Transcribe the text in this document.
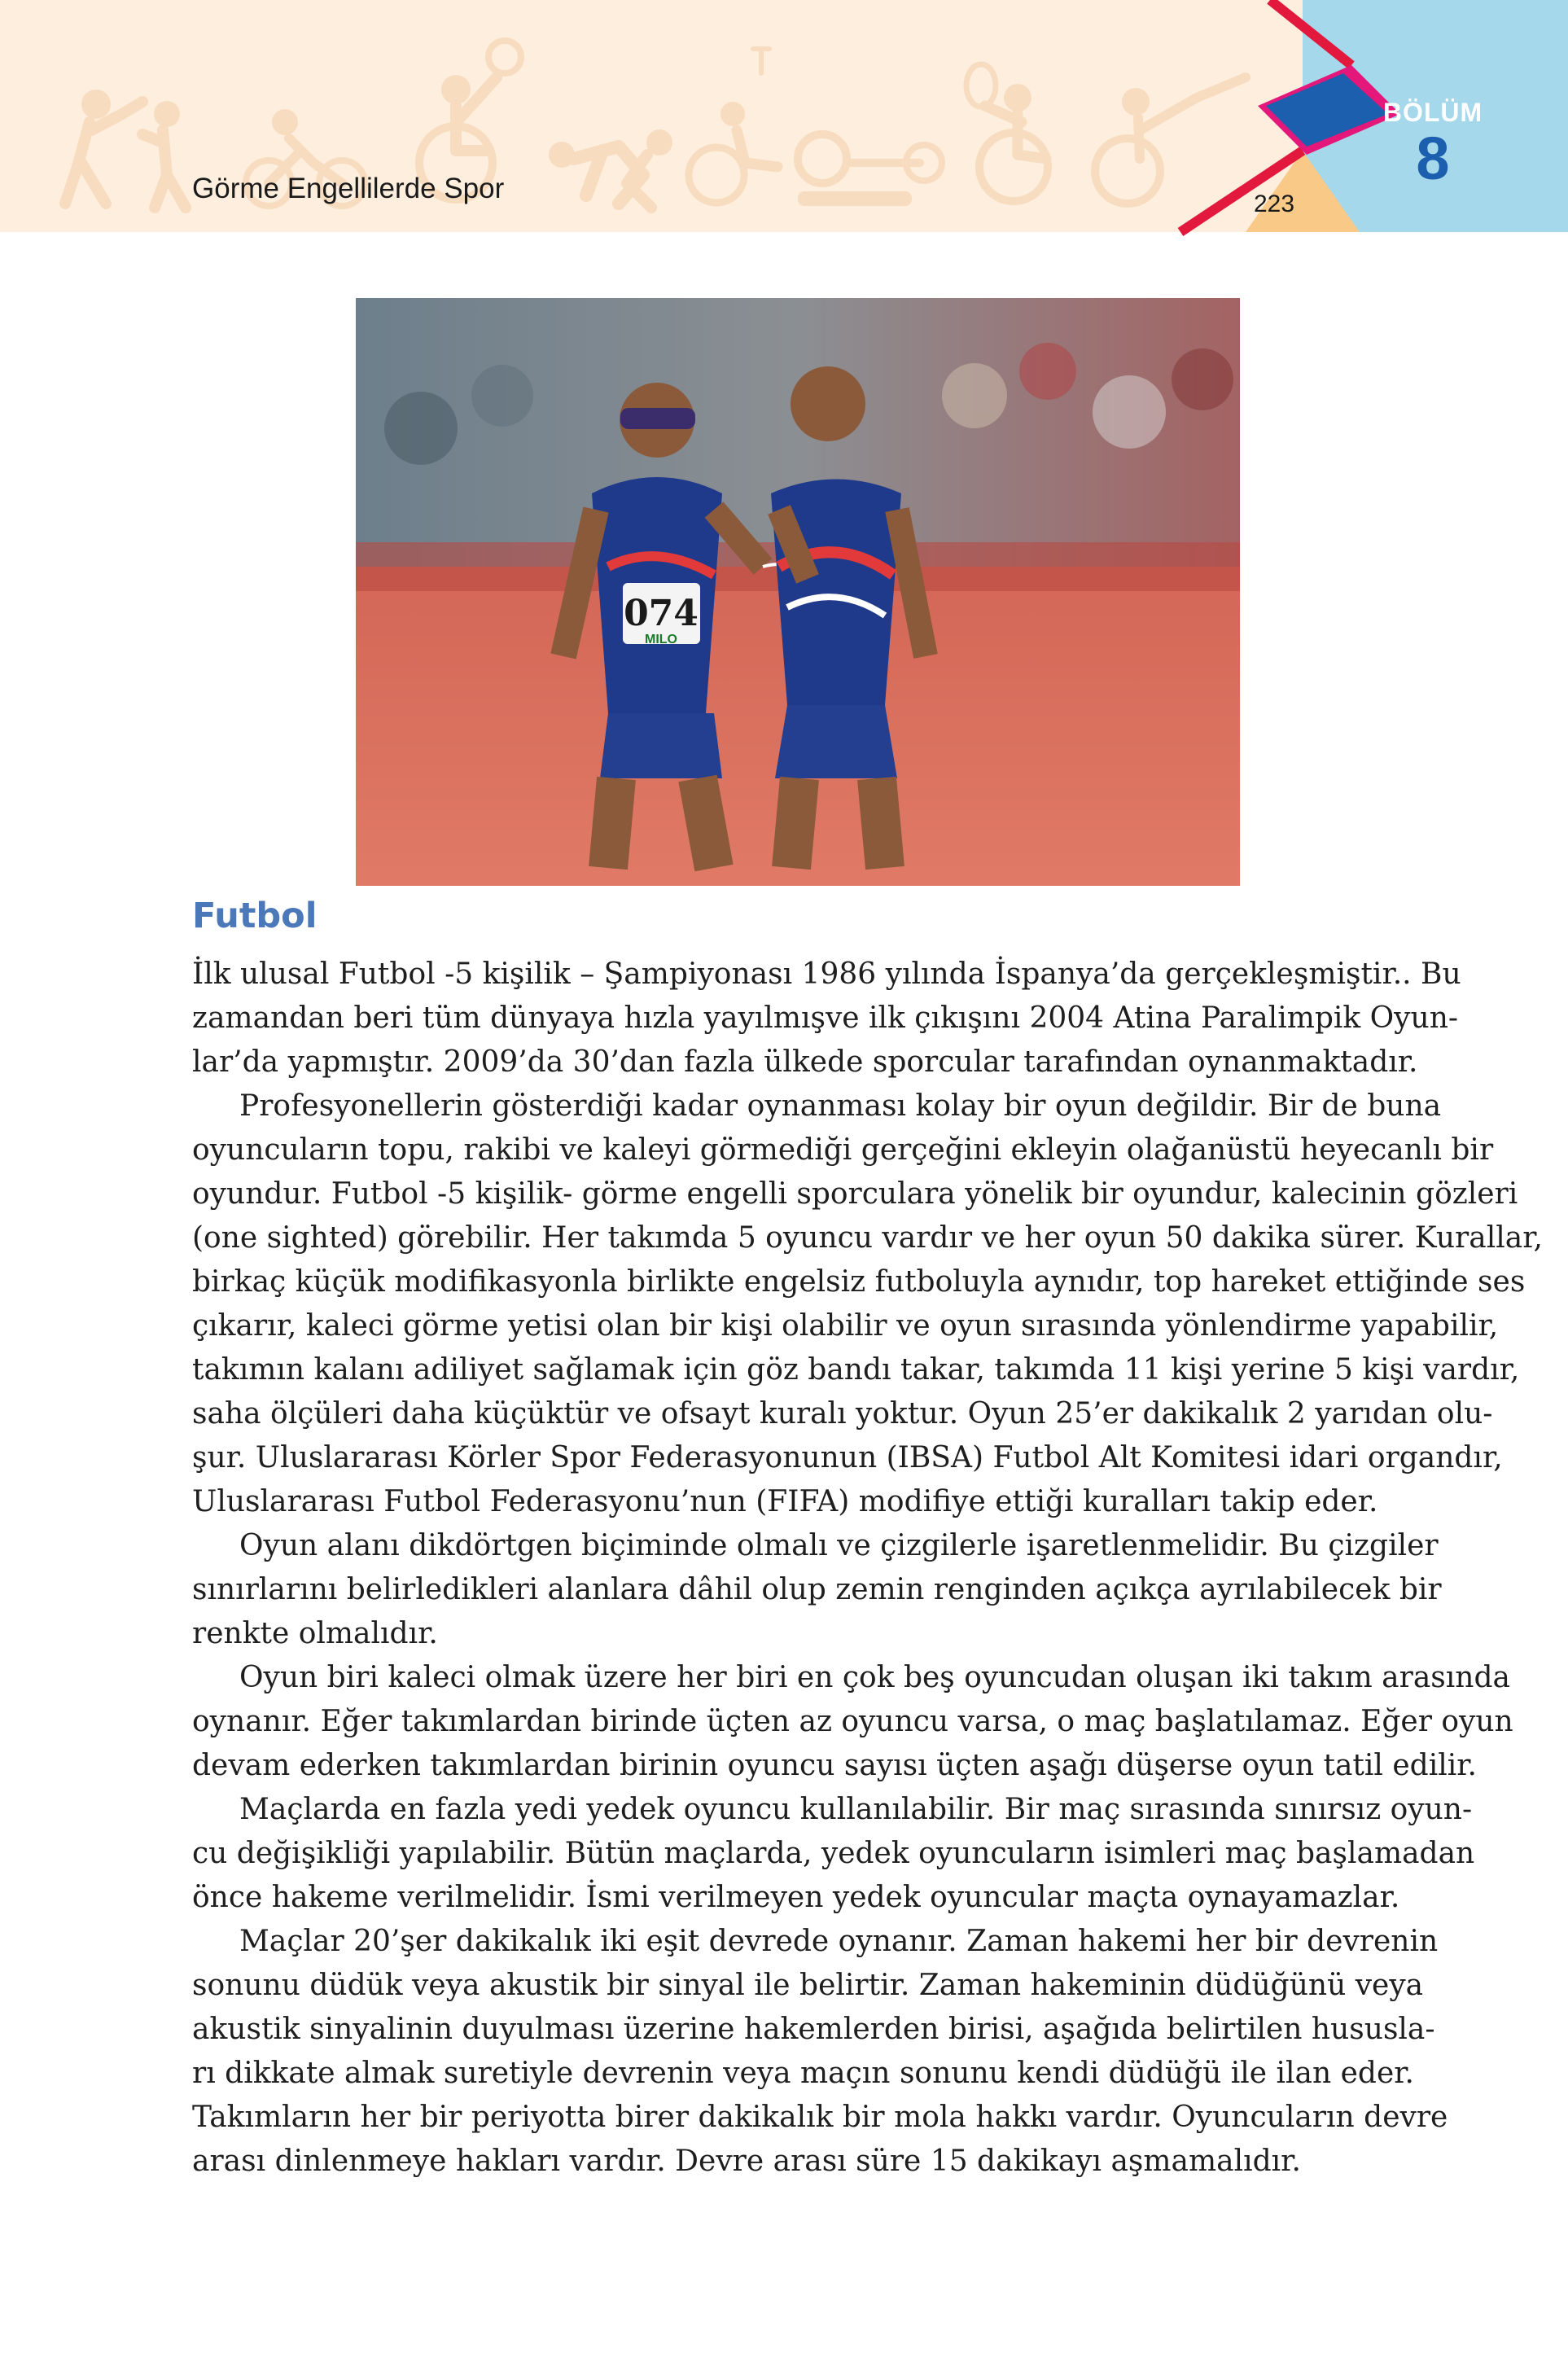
Görme Engellilerde Spor	223
BÖLÜM
8
074
MILO
Futbol
İlk ulusal Futbol -5 kişilik – Şampiyonası 1986 yılında İspanya’da gerçekleşmiştir.. Bu
zamandan beri tüm dünyaya hızla yayılmışve ilk çıkışını 2004 Atina Paralimpik Oyun-
lar’da yapmıştır. 2009’da 30’dan fazla ülkede sporcular tarafından oynanmaktadır.
Profesyonellerin gösterdiği kadar oynanması kolay bir oyun değildir. Bir de buna
oyuncuların topu, rakibi ve kaleyi görmediği gerçeğini ekleyin olağanüstü heyecanlı bir
oyundur. Futbol -5 kişilik- görme engelli sporculara yönelik bir oyundur, kalecinin gözleri
(one sighted) görebilir. Her takımda 5 oyuncu vardır ve her oyun 50 dakika sürer. Kurallar,
birkaç küçük modifikasyonla birlikte engelsiz futboluyla aynıdır, top hareket ettiğinde ses
çıkarır, kaleci görme yetisi olan bir kişi olabilir ve oyun sırasında yönlendirme yapabilir,
takımın kalanı adiliyet sağlamak için göz bandı takar, takımda 11 kişi yerine 5 kişi vardır,
saha ölçüleri daha küçüktür ve ofsayt kuralı yoktur. Oyun 25’er dakikalık 2 yarıdan olu-
şur. Uluslararası Körler Spor Federasyonunun (IBSA) Futbol Alt Komitesi idari organdır,
Uluslararası Futbol Federasyonu’nun (FIFA) modifiye ettiği kuralları takip eder.
Oyun alanı dikdörtgen biçiminde olmalı ve çizgilerle işaretlenmelidir. Bu çizgiler
sınırlarını belirledikleri alanlara dâhil olup zemin renginden açıkça ayrılabilecek bir
renkte olmalıdır.
Oyun biri kaleci olmak üzere her biri en çok beş oyuncudan oluşan iki takım arasında
oynanır. Eğer takımlardan birinde üçten az oyuncu varsa, o maç başlatılamaz. Eğer oyun
devam ederken takımlardan birinin oyuncu sayısı üçten aşağı düşerse oyun tatil edilir.
Maçlarda en fazla yedi yedek oyuncu kullanılabilir. Bir maç sırasında sınırsız oyun-
cu değişikliği yapılabilir. Bütün maçlarda, yedek oyuncuların isimleri maç başlamadan
önce hakeme verilmelidir. İsmi verilmeyen yedek oyuncular maçta oynayamazlar.
Maçlar 20’şer dakikalık iki eşit devrede oynanır. Zaman hakemi her bir devrenin
sonunu düdük veya akustik bir sinyal ile belirtir. Zaman hakeminin düdüğünü veya
akustik sinyalinin duyulması üzerine hakemlerden birisi, aşağıda belirtilen hususla-
rı dikkate almak suretiyle devrenin veya maçın sonunu kendi düdüğü ile ilan eder.
Takımların her bir periyotta birer dakikalık bir mola hakkı vardır. Oyuncuların devre
arası dinlenmeye hakları vardır. Devre arası süre 15 dakikayı aşmamalıdır.
